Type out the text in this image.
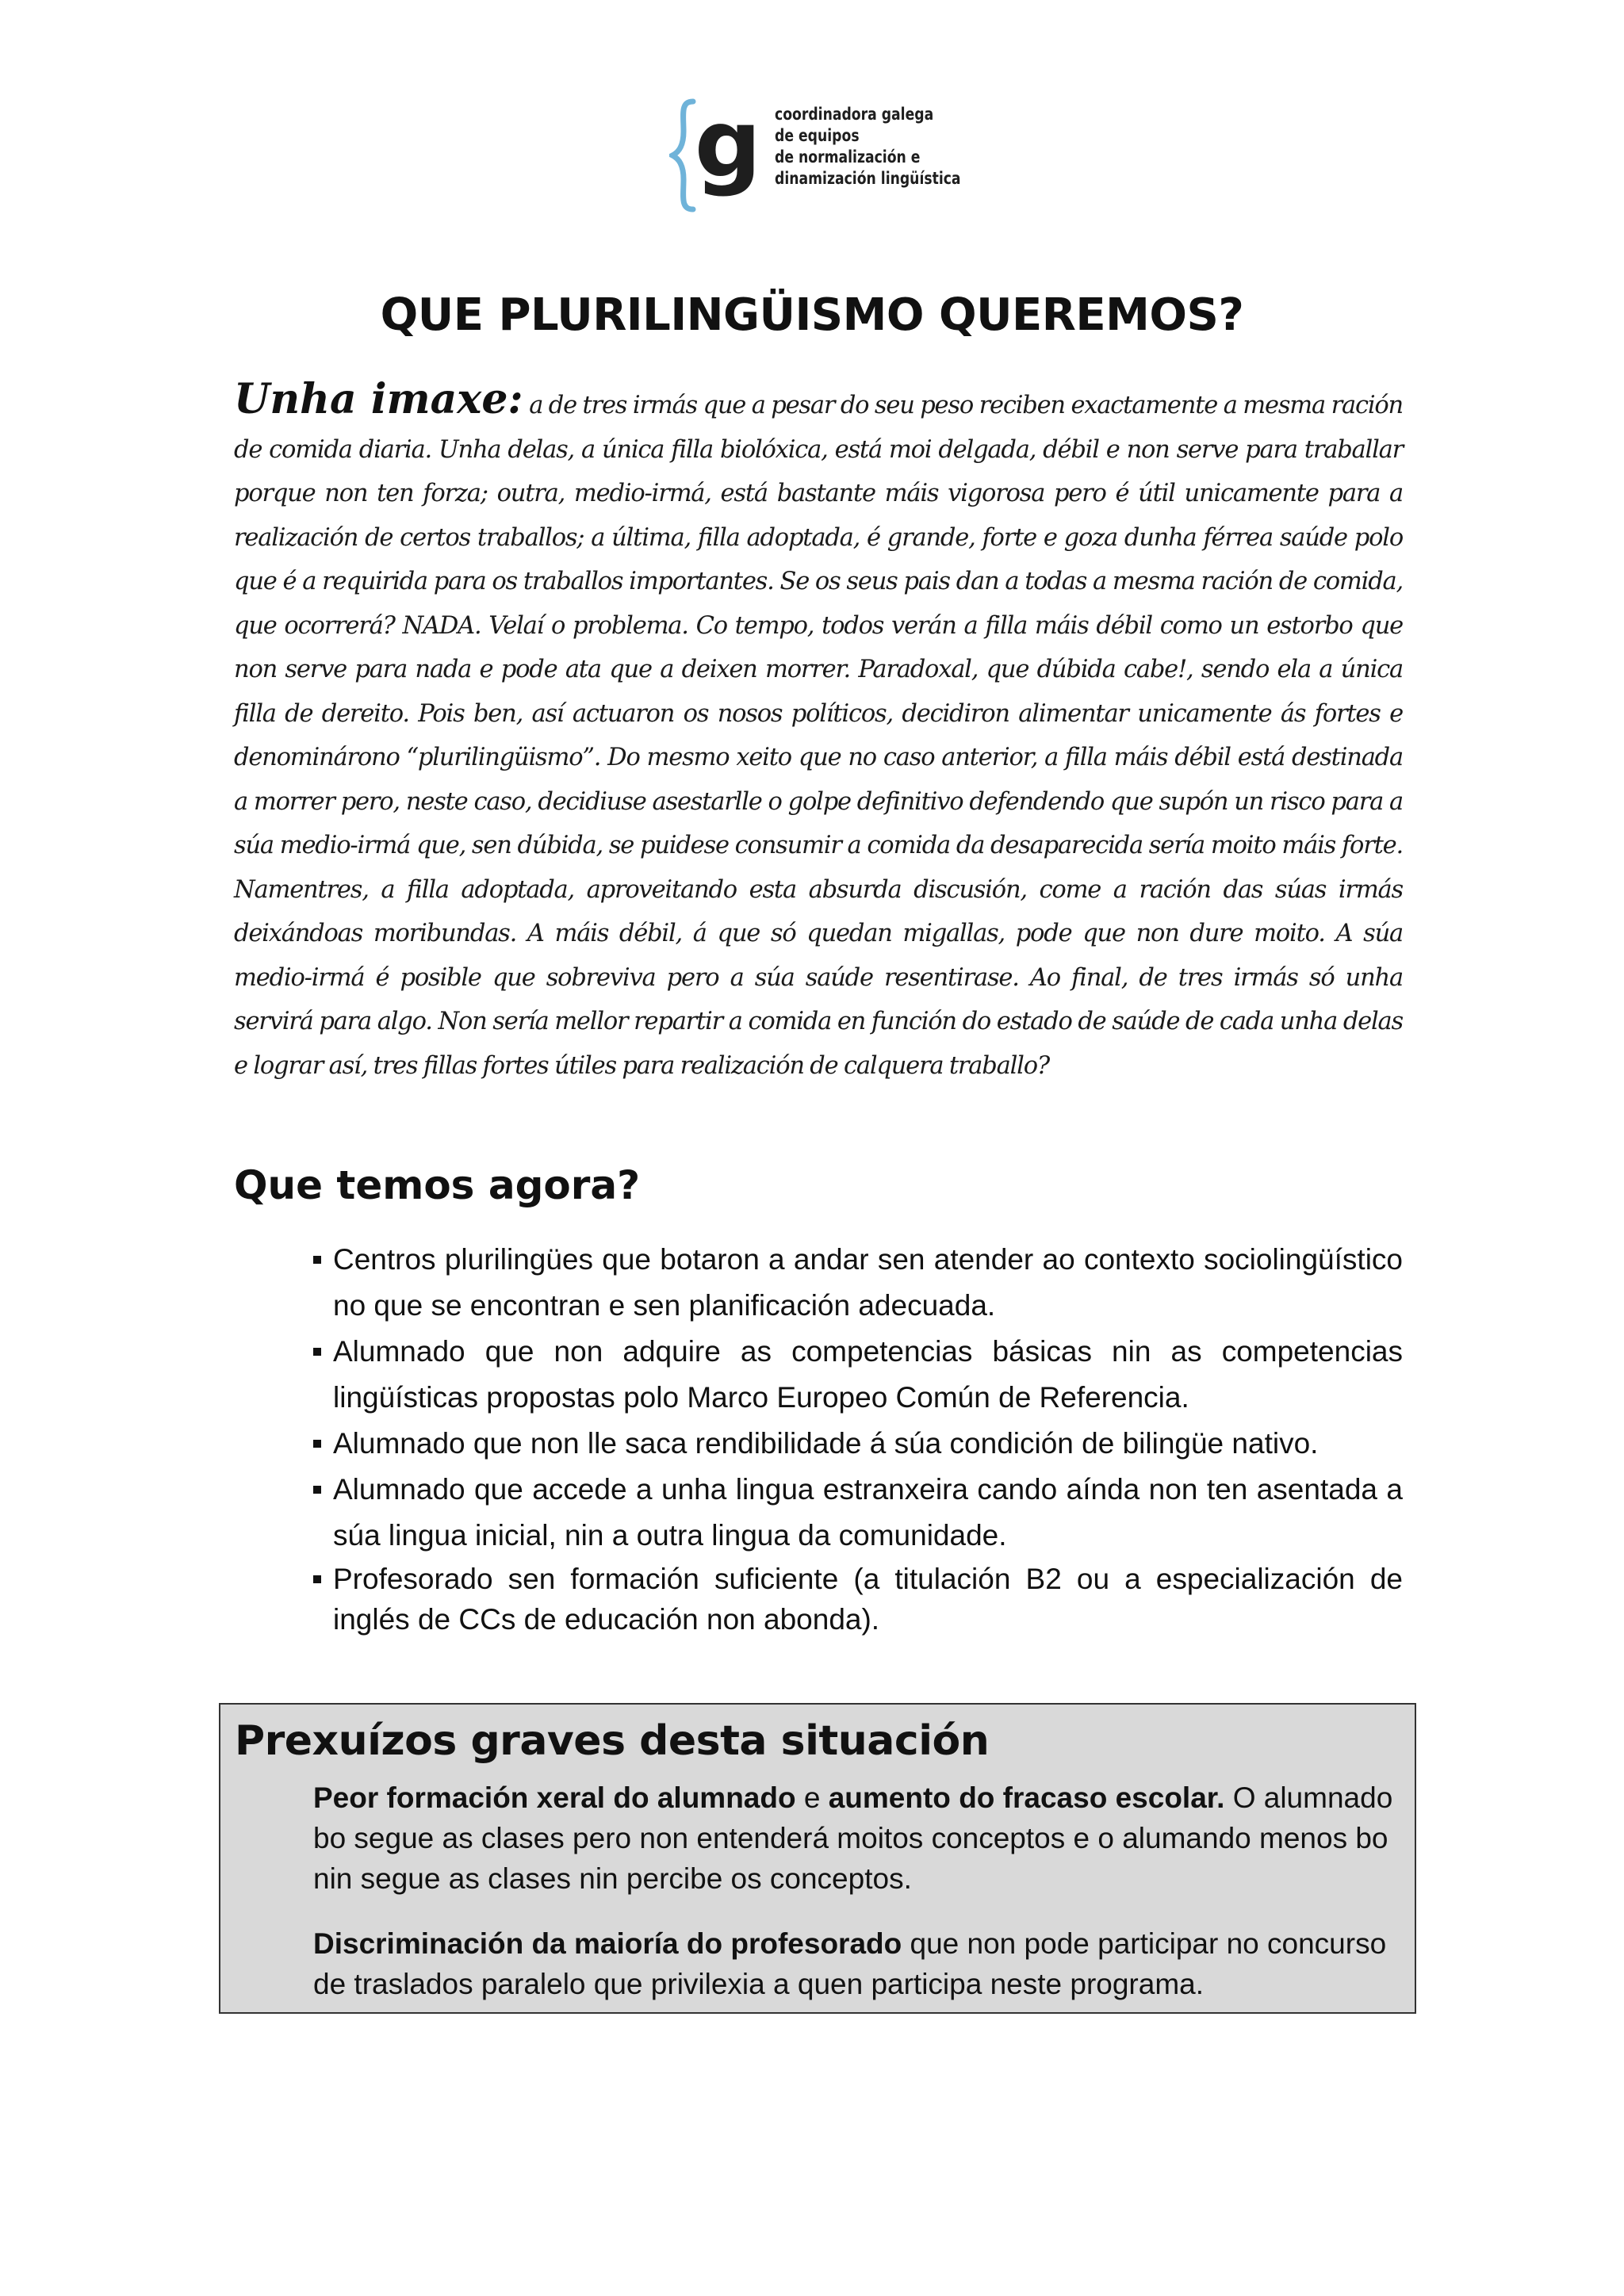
g coordinadora galega
de equipos
de normalización e
dinamización lingüística
QUE PLURILINGÜISMO QUEREMOS?

Unha imaxe: a de tres irmás que a pesar do seu peso reciben exactamente a mesma ración de comida diaria. Unha delas, a única filla biolóxica, está moi delgada, débil e non serve para traballar porque non ten forza; outra, medio-irmá, está bastante máis vigorosa pero é útil unicamente para a realización de certos traballos; a última, filla adoptada, é grande, forte e goza dunha férrea saúde polo que é a requirida para os traballos importantes. Se os seus pais dan a todas a mesma ración de comida, que ocorrerá? NADA. Velaí o problema. Co tempo, todos verán a filla máis débil como un estorbo que non serve para nada e pode ata que a deixen morrer. Paradoxal, que dúbida cabe!, sendo ela a única filla de dereito. Pois ben, así actuaron os nosos políticos, decidiron alimentar unicamente ás fortes e denomináronо “plurilingüismo”. Do mesmo xeito que no caso anterior, a filla máis débil está destinada a morrer pero, neste caso, decidiuse asestarlle o golpe definitivo defendendo que supón un risco para a súa medio-irmá que, sen dúbida, se puidese consumir a comida da desaparecida sería moito máis forte. Namentres, a filla adoptada, aproveitando esta absurda discusión, come a ración das súas irmás deixándoas moribundas. A máis débil, á que só quedan migallas, pode que non dure moito. A súa medio-irmá é posible que sobreviva pero a súa saúde resentirase. Ao final, de tres irmás só unha servirá para algo. Non sería mellor repartir a comida en función do estado de saúde de cada unha delas e lograr así, tres fillas fortes útiles para realización de calquera traballo?

Que temos agora?
Centros plurilingües que botaron a andar sen atender ao contexto sociolingüístico no que se encontran e sen planificación adecuada.
Alumnado que non adquire as competencias básicas nin as competencias lingüísticas propostas polo Marco Europeo Común de Referencia.
Alumnado que non lle saca rendibilidade á súa condición de bilingüe nativo.
Alumnado que accede a unha lingua estranxeira cando aínda non ten asentada a súa lingua inicial, nin a outra lingua da comunidade.
Profesorado sen formación suficiente (a titulación B2 ou a especialización de inglés de CCs de educación non abonda).
Prexuízos graves desta situación

Peor formación xeral do alumnado e aumento do fracaso escolar. O alumnado bo segue as clases pero non entenderá moitos conceptos e o alumando menos bo nin segue as clases nin percibe os conceptos.

Discriminación da maioría do profesorado que non pode participar no concurso de traslados paralelo que privilexia a quen participa neste programa.
